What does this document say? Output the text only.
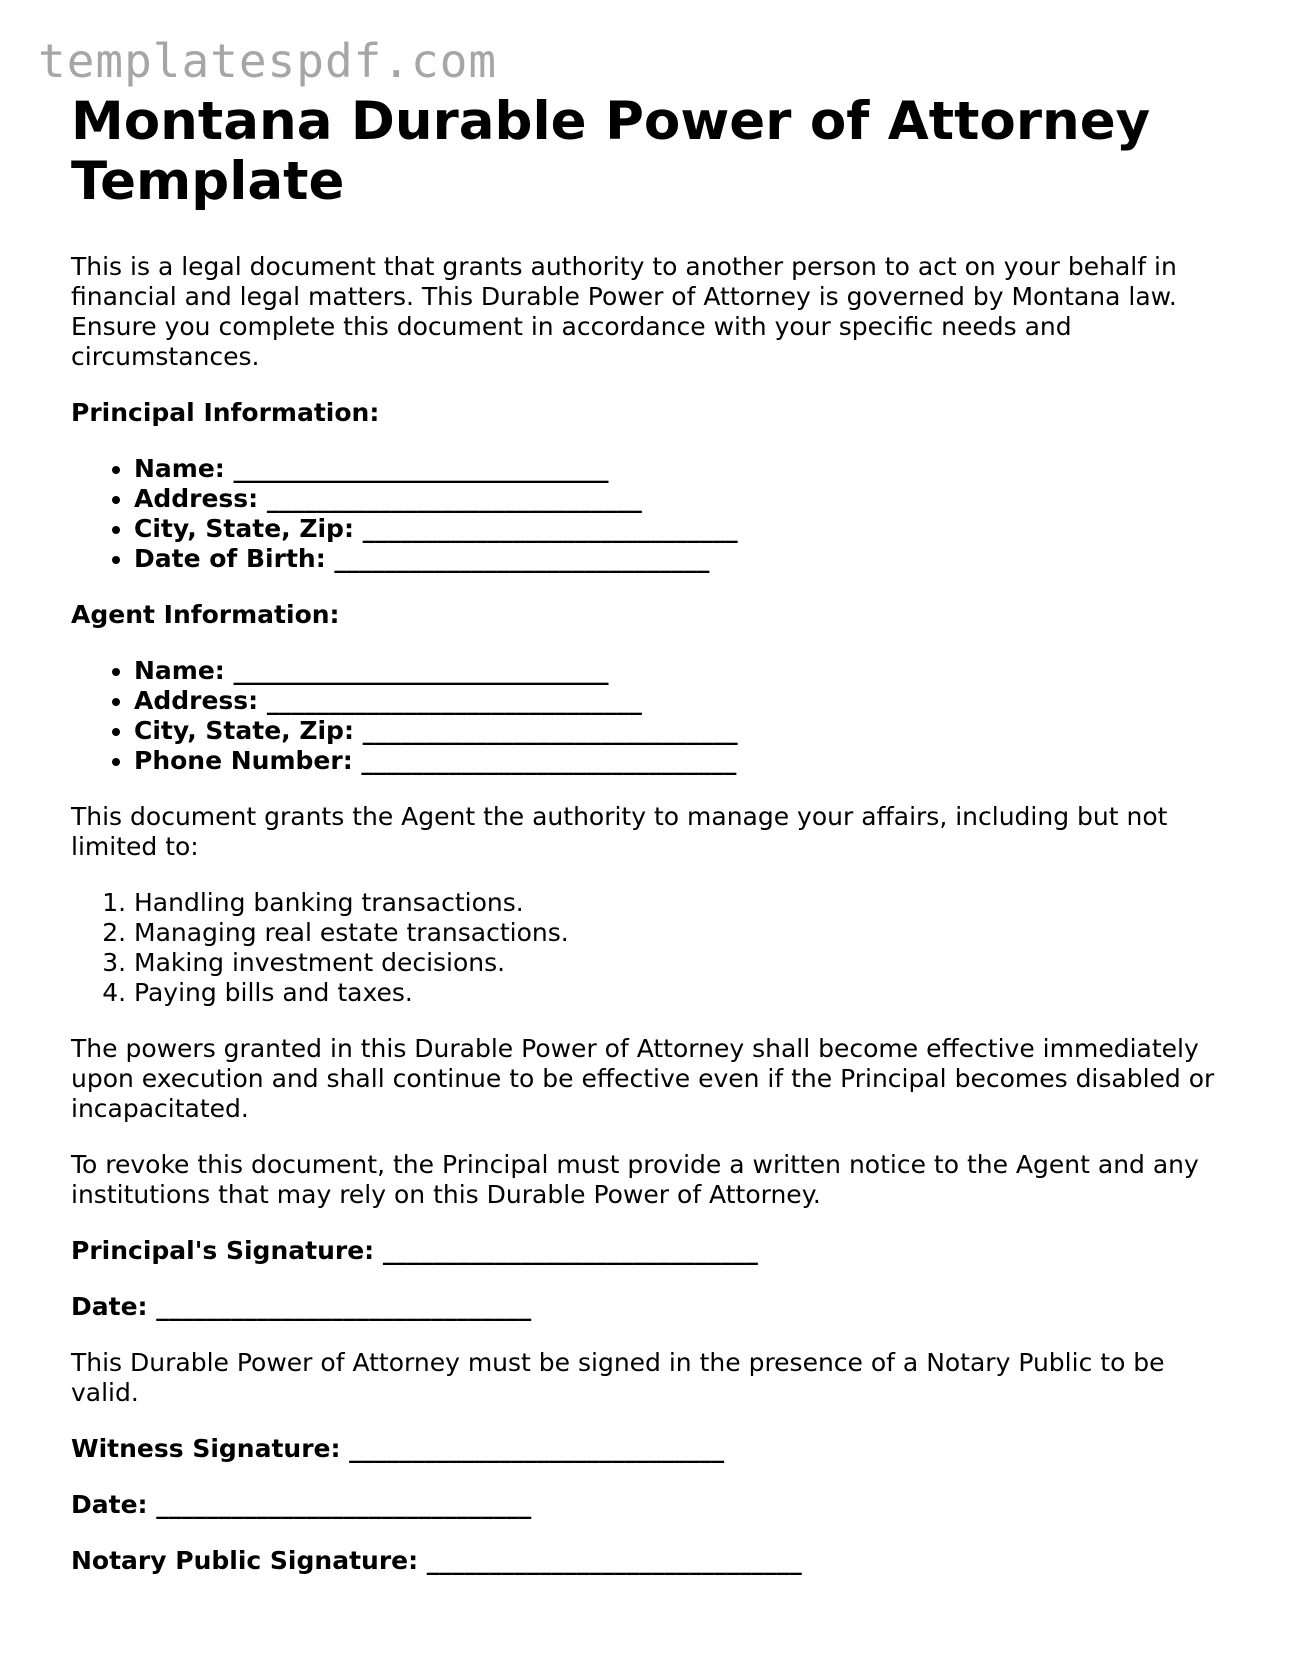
templatespdf.com
Montana Durable Power of Attorney Template

This is a legal document that grants authority to another person to act on your behalf in financial and legal matters. This Durable Power of Attorney is governed by Montana law. Ensure you complete this document in accordance with your specific needs and circumstances.

Principal Information:
• Name: ______________________________
• Address: ______________________________
• City, State, Zip: ______________________________
• Date of Birth: ______________________________
Agent Information:
• Name: ______________________________
• Address: ______________________________
• City, State, Zip: ______________________________
• Phone Number: ______________________________

This document grants the Agent the authority to manage your affairs, including but not limited to:

1. Handling banking transactions.
2. Managing real estate transactions.
3. Making investment decisions.
4. Paying bills and taxes.

The powers granted in this Durable Power of Attorney shall become effective immediately upon execution and shall continue to be effective even if the Principal becomes disabled or incapacitated.

To revoke this document, the Principal must provide a written notice to the Agent and any institutions that may rely on this Durable Power of Attorney.

Principal's Signature: ______________________________

Date: ______________________________

This Durable Power of Attorney must be signed in the presence of a Notary Public to be valid.

Witness Signature: ______________________________

Date: ______________________________

Notary Public Signature: ______________________________
